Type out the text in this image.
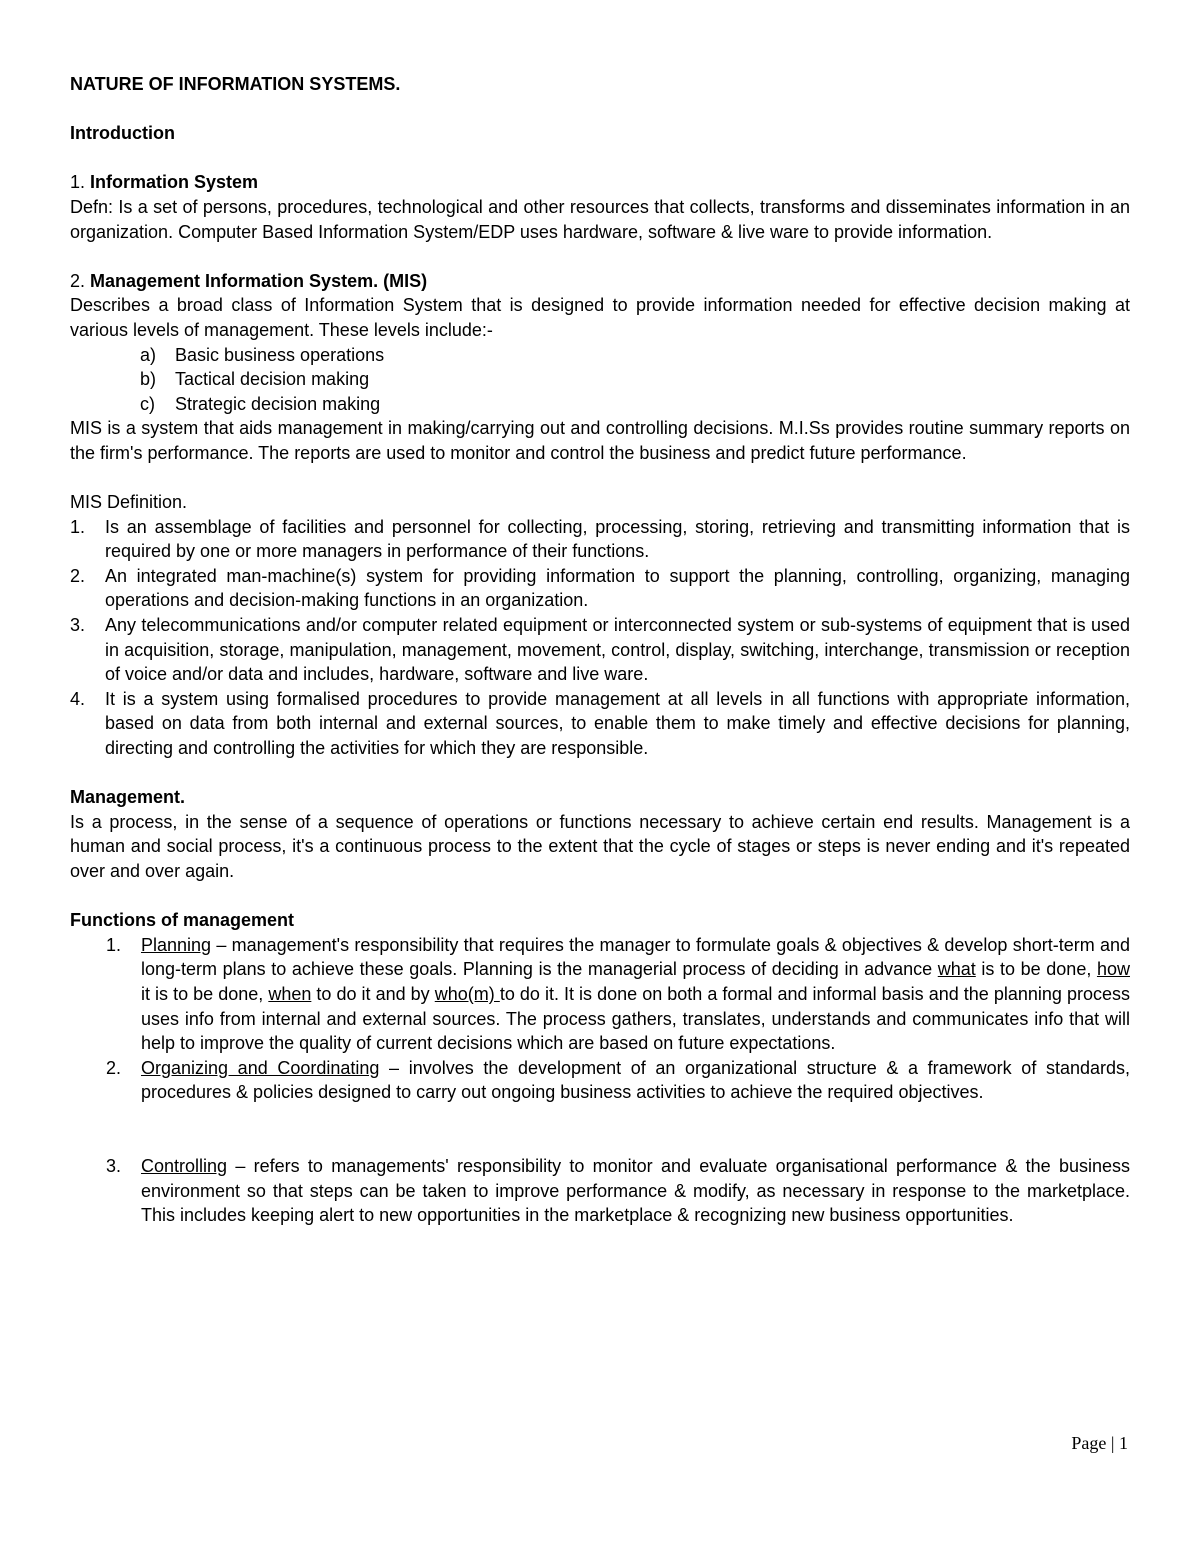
NATURE OF INFORMATION SYSTEMS.

Introduction

1. Information System

Defn: Is a set of persons, procedures, technological and other resources that collects, transforms and disseminates information in an organization. Computer Based Information System/EDP uses hardware, software & live ware to provide information.

2. Management Information System. (MIS)

Describes a broad class of Information System that is designed to provide information needed for effective decision making at various levels of management. These levels include:-

a) Basic business operations
b) Tactical decision making
c) Strategic decision making

MIS is a system that aids management in making/carrying out and controlling decisions. M.I.Ss provides routine summary reports on the firm's performance. The reports are used to monitor and control the business and predict future performance.

MIS Definition.

1. Is an assemblage of facilities and personnel for collecting, processing, storing, retrieving and transmitting information that is required by one or more managers in performance of their functions.
2. An integrated man-machine(s) system for providing information to support the planning, controlling, organizing, managing operations and decision-making functions in an organization.
3. Any telecommunications and/or computer related equipment or interconnected system or sub-systems of equipment that is used in acquisition, storage, manipulation, management, movement, control, display, switching, interchange, transmission or reception of voice and/or data and includes, hardware, software and live ware.
4. It is a system using formalised procedures to provide management at all levels in all functions with appropriate information, based on data from both internal and external sources, to enable them to make timely and effective decisions for planning, directing and controlling the activities for which they are responsible.

Management.

Is a process, in the sense of a sequence of operations or functions necessary to achieve certain end results. Management is a human and social process, it's a continuous process to the extent that the cycle of stages or steps is never ending and it's repeated over and over again.

Functions of management

1. Planning – management's responsibility that requires the manager to formulate goals & objectives & develop short-term and long-term plans to achieve these goals. Planning is the managerial process of deciding in advance what is to be done, how it is to be done, when to do it and by who(m) to do it. It is done on both a formal and informal basis and the planning process uses info from internal and external sources. The process gathers, translates, understands and communicates info that will help to improve the quality of current decisions which are based on future expectations.
2. Organizing and Coordinating – involves the development of an organizational structure & a framework of standards, procedures & policies designed to carry out ongoing business activities to achieve the required objectives.
3. Controlling – refers to managements' responsibility to monitor and evaluate organisational performance & the business environment so that steps can be taken to improve performance & modify, as necessary in response to the marketplace. This includes keeping alert to new opportunities in the marketplace & recognizing new business opportunities.
Page | 1
